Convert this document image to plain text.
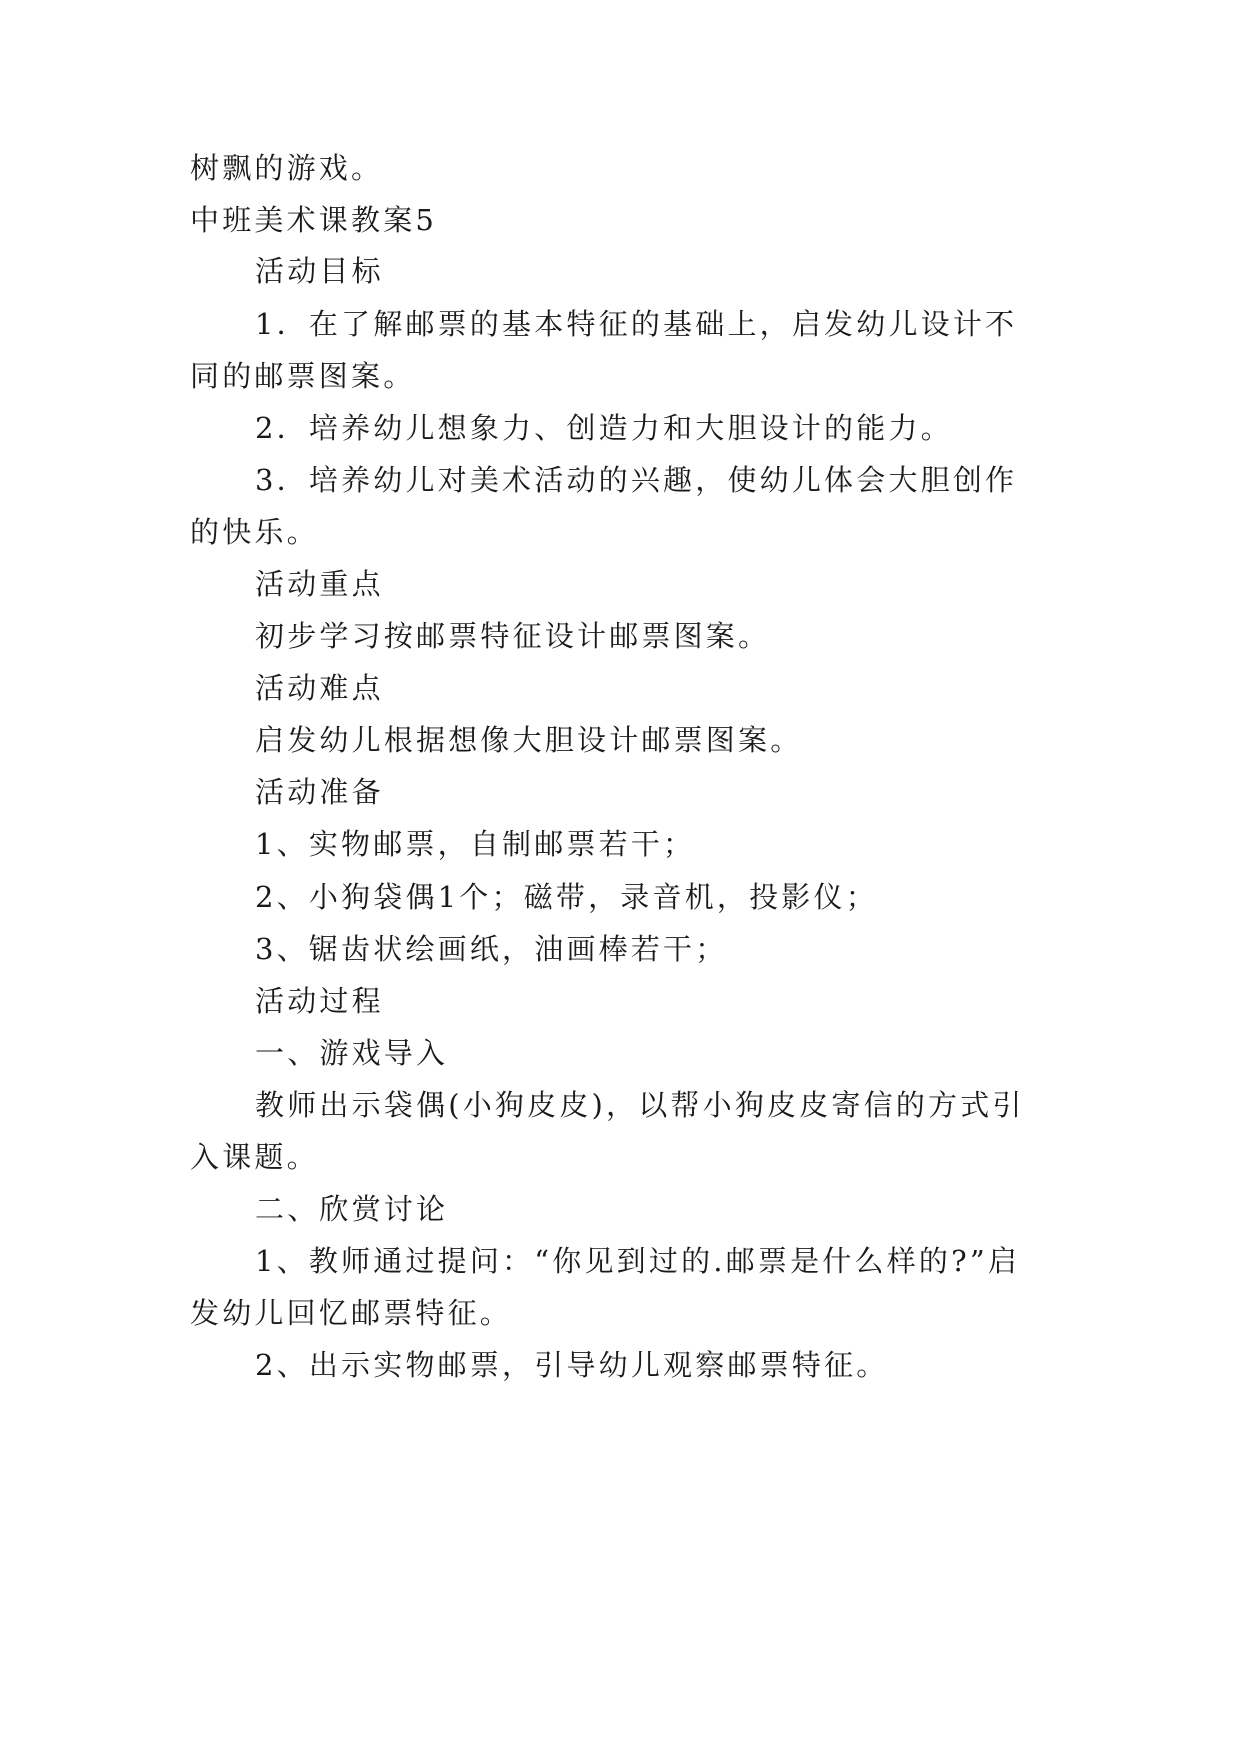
树飘的游戏。
中班美术课教案5
活动目标
1．在了解邮票的基本特征的基础上，启发幼儿设计不
同的邮票图案。
2．培养幼儿想象力、创造力和大胆设计的能力。
3．培养幼儿对美术活动的兴趣，使幼儿体会大胆创作
的快乐。
活动重点
初步学习按邮票特征设计邮票图案。
活动难点
启发幼儿根据想像大胆设计邮票图案。
活动准备
1、实物邮票，自制邮票若干；
2、小狗袋偶1个；磁带，录音机，投影仪；
3、锯齿状绘画纸，油画棒若干；
活动过程
一、游戏导入
教师出示袋偶(小狗皮皮)，以帮小狗皮皮寄信的方式引
入课题。
二、欣赏讨论
1、教师通过提问：“你见到过的.邮票是什么样的?”启
发幼儿回忆邮票特征。
2、出示实物邮票，引导幼儿观察邮票特征。
